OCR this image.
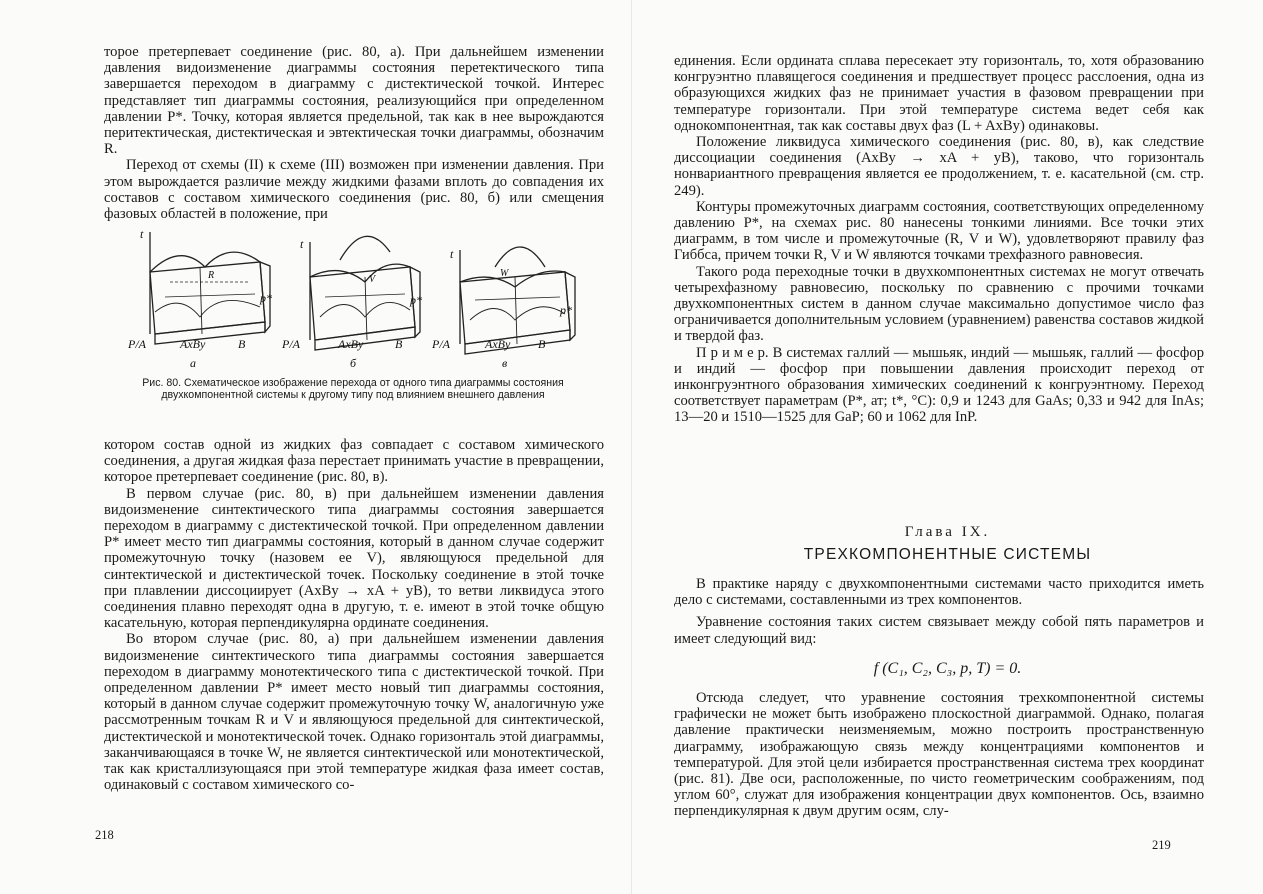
торое претерпевает соединение (рис. 80, а). При дальнейшем изменении давления видоизменение диаграммы состояния перетектического типа завершается переходом в диаграмму с дистектической точкой. Интерес представляет тип диаграммы состояния, реализующийся при определенном давлении P*. Точку, которая является предельной, так как в нее вырождаются перитектическая, дистектическая и эвтектическая точки диаграммы, обозначим R.

Переход от схемы (II) к схеме (III) возможен при изменении давления. При этом вырождается различие между жидкими фазами вплоть до совпадения их составов с составом химического соединения (рис. 80, б) или смещения фазовых областей в положение, при

t
t
t
p*	p*
p*
R	V
W
P/A	AxBy	B	P/A	AxBy	B P/A	AxBy B
а	б	в
Рис. 80. Схематическое изображение перехода от одного типа диаграммы состояния двухкомпонентной системы к другому типу под влиянием внешнего давления

котором состав одной из жидких фаз совпадает с составом химического соединения, а другая жидкая фаза перестает принимать участие в превращении, которое претерпевает соединение (рис. 80, в).

В первом случае (рис. 80, в) при дальнейшем изменении давления видоизменение синтектического типа диаграммы состояния завершается переходом в диаграмму с дистектической точкой. При определенном давлении P* имеет место тип диаграммы состояния, который в данном случае содержит промежуточную точку (назовем ее V), являющуюся предельной для синтектической и дистектической точек. Поскольку соединение в этой точке при плавлении диссоциирует (AxBy → xA + yB), то ветви ликвидуса этого соединения плавно переходят одна в другую, т. е. имеют в этой точке общую касательную, которая перпендикулярна ординате соединения.

Во втором случае (рис. 80, а) при дальнейшем изменении давления видоизменение синтектического типа диаграммы состояния завершается переходом в диаграмму монотектического типа с дистектической точкой. При определенном давлении P* имеет место новый тип диаграммы состояния, который в данном случае содержит промежуточную точку W, аналогичную уже рассмотренным точкам R и V и являющуюся предельной для синтектической, дистектической и монотектической точек. Однако горизонталь этой диаграммы, заканчивающаяся в точке W, не является синтектической или монотектической, так как кристаллизующаяся при этой температуре жидкая фаза имеет состав, одинаковый с составом химического со-

218

единения. Если ордината сплава пересекает эту горизонталь, то, хотя образованию конгруэнтно плавящегося соединения и предшествует процесс расслоения, одна из образующихся жидких фаз не принимает участия в фазовом превращении при температуре горизонтали. При этой температуре система ведет себя как однокомпонентная, так как составы двух фаз (L + AxBy) одинаковы.

Положение ликвидуса химического соединения (рис. 80, в), как следствие диссоциации соединения (AxBy → xA + yB), таково, что горизонталь нонвариантного превращения является ее продолжением, т. е. касательной (см. стр. 249).

Контуры промежуточных диаграмм состояния, соответствующих определенному давлению P*, на схемах рис. 80 нанесены тонкими линиями. Все точки этих диаграмм, в том числе и промежуточные (R, V и W), удовлетворяют правилу фаз Гиббса, причем точки R, V и W являются точками трехфазного равновесия.

Такого рода переходные точки в двухкомпонентных системах не могут отвечать четырехфазному равновесию, поскольку по сравнению с прочими точками двухкомпонентных систем в данном случае максимально допустимое число фаз ограничивается дополнительным условием (уравнением) равенства составов жидкой и твердой фаз.

П р и м е р. В системах галлий — мышьяк, индий — мышьяк, галлий — фосфор и индий — фосфор при повышении давления происходит переход от инконгруэнтного образования химических соединений к конгруэнтному. Переход соответствует параметрам (P*, ат; t*, °C): 0,9 и 1243 для GaAs; 0,33 и 942 для InAs; 13—20 и 1510—1525 для GaP; 60 и 1062 для InP.

Глава IX.
ТРЕХКОМПОНЕНТНЫЕ СИСТЕМЫ

В практике наряду с двухкомпонентными системами часто приходится иметь дело с системами, составленными из трех компонентов.

Уравнение состояния таких систем связывает между собой пять параметров и имеет следующий вид:

f (C₁, C₂, C₃, p, T) = 0.

Отсюда следует, что уравнение состояния трехкомпонентной системы графически не может быть изображено плоскостной диаграммой. Однако, полагая давление практически неизменяемым, можно построить пространственную диаграмму, изображающую связь между концентрациями компонентов и температурой. Для этой цели избирается пространственная система трех координат (рис. 81). Две оси, расположенные, по чисто геометрическим соображениям, под углом 60°, служат для изображения концентрации двух компонентов. Ось, взаимно перпендикулярная к двум другим осям, слу-

219
